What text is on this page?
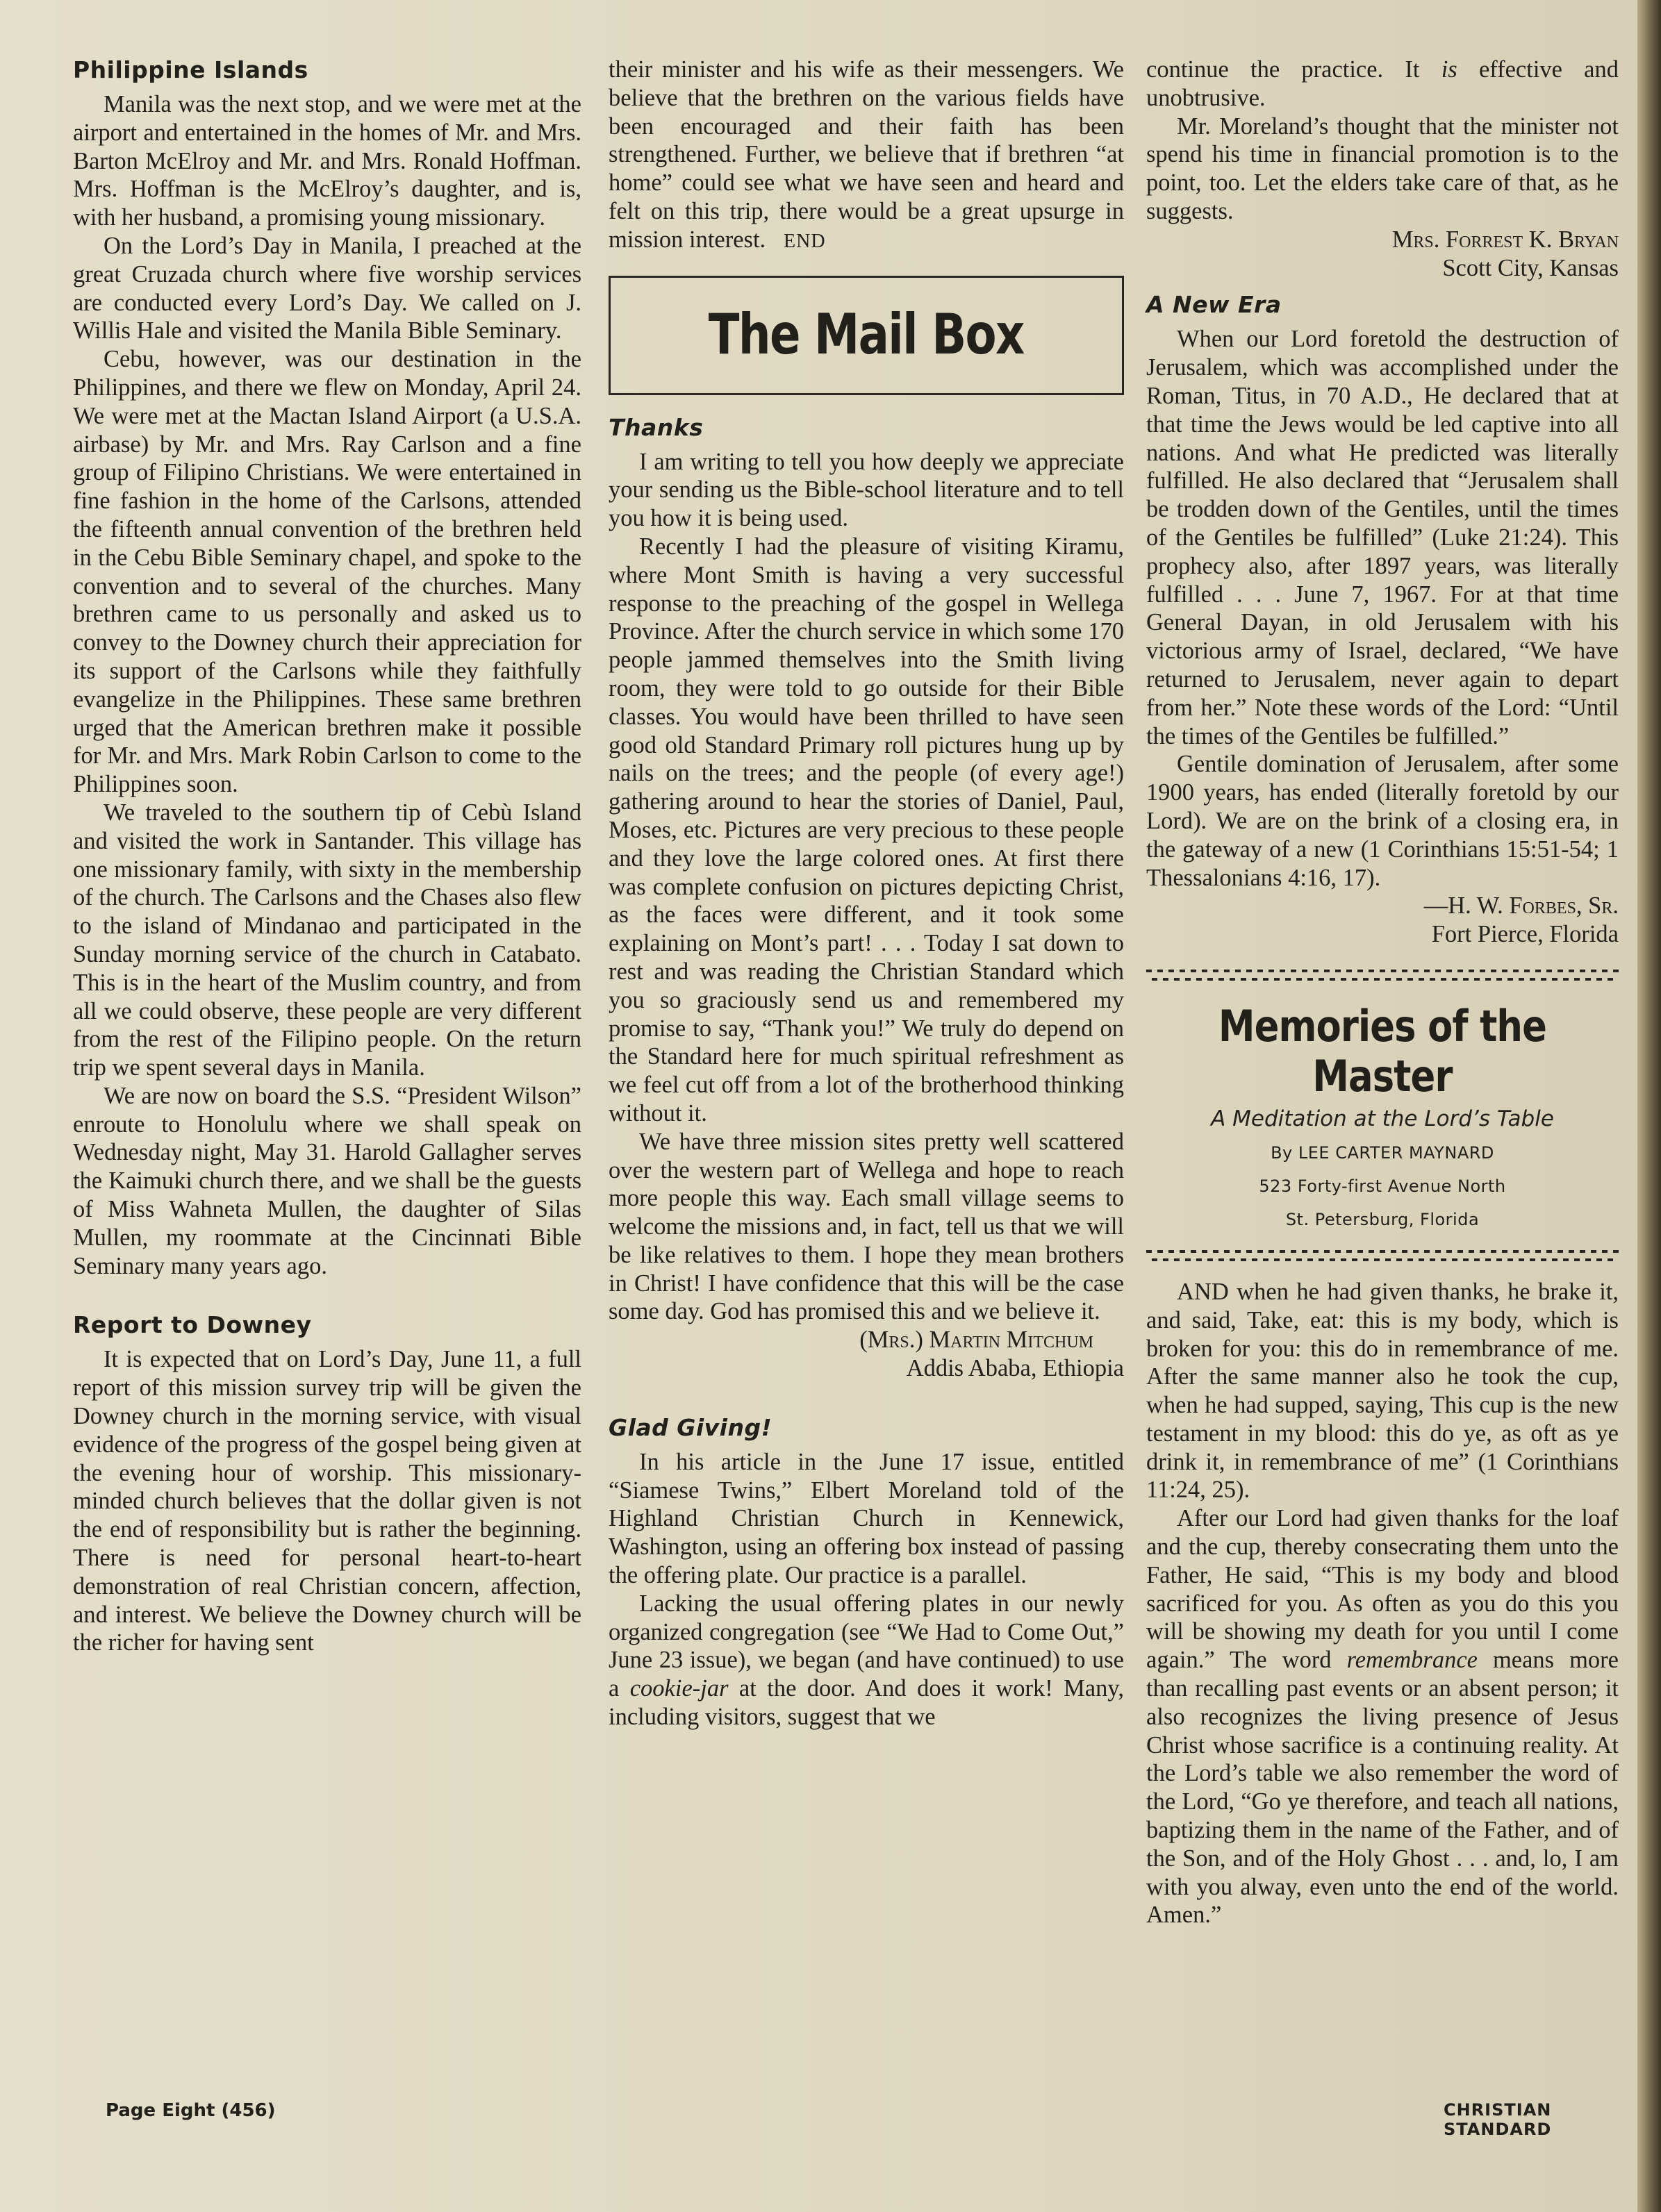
Philippine Islands

Manila was the next stop, and we were met at the airport and entertained in the homes of Mr. and Mrs. Barton McElroy and Mr. and Mrs. Ronald Hoffman. Mrs. Hoffman is the McElroy’s daughter, and is, with her husband, a promising young missionary.

On the Lord’s Day in Manila, I preached at the great Cruzada church where five worship services are conducted every Lord’s Day. We called on J. Willis Hale and visited the Manila Bible Seminary.

Cebu, however, was our destination in the Philippines, and there we flew on Monday, April 24. We were met at the Mactan Island Airport (a U.S.A. airbase) by Mr. and Mrs. Ray Carlson and a fine group of Filipino Christians. We were entertained in fine fashion in the home of the Carlsons, attended the fifteenth annual convention of the brethren held in the Cebu Bible Seminary chapel, and spoke to the convention and to several of the churches. Many brethren came to us personally and asked us to convey to the Downey church their appreciation for its support of the Carlsons while they faithfully evangelize in the Philippines. These same brethren urged that the American brethren make it possible for Mr. and Mrs. Mark Robin Carlson to come to the Philippines soon.

We traveled to the southern tip of Cebù Island and visited the work in Santander. This village has one missionary family, with sixty in the membership of the church. The Carlsons and the Chases also flew to the island of Mindanao and participated in the Sunday morning service of the church in Catabato. This is in the heart of the Muslim country, and from all we could observe, these people are very different from the rest of the Filipino people. On the return trip we spent several days in Manila.

We are now on board the S.S. “President Wilson” enroute to Honolulu where we shall speak on Wednesday night, May 31. Harold Gallagher serves the Kaimuki church there, and we shall be the guests of Miss Wahneta Mullen, the daughter of Silas Mullen, my roommate at the Cincinnati Bible Seminary many years ago.

Report to Downey

It is expected that on Lord’s Day, June 11, a full report of this mission survey trip will be given the Downey church in the morning service, with visual evidence of the progress of the gospel being given at the evening hour of worship. This missionary-minded church believes that the dollar given is not the end of responsibility but is rather the beginning. There is need for personal heart-to-heart demonstration of real Christian concern, affection, and interest. We believe the Downey church will be the richer for having sent

their minister and his wife as their messengers. We believe that the brethren on the various fields have been encouraged and their faith has been strengthened. Further, we believe that if brethren “at home” could see what we have seen and heard and felt on this trip, there would be a great upsurge in mission interest. END

The Mail Box
Thanks

I am writing to tell you how deeply we appreciate your sending us the Bible-school literature and to tell you how it is being used.

Recently I had the pleasure of visiting Kiramu, where Mont Smith is having a very successful response to the preaching of the gospel in Wellega Province. After the church service in which some 170 people jammed themselves into the Smith living room, they were told to go outside for their Bible classes. You would have been thrilled to have seen good old Standard Primary roll pictures hung up by nails on the trees; and the people (of every age!) gathering around to hear the stories of Daniel, Paul, Moses, etc. Pictures are very precious to these people and they love the large colored ones. At first there was complete confusion on pictures depicting Christ, as the faces were different, and it took some explaining on Mont’s part! . . . Today I sat down to rest and was reading the Christian Standard which you so graciously send us and remembered my promise to say, “Thank you!” We truly do depend on the Standard here for much spiritual refreshment as we feel cut off from a lot of the brotherhood thinking without it.

We have three mission sites pretty well scattered over the western part of Wellega and hope to reach more people this way. Each small village seems to welcome the missions and, in fact, tell us that we will be like relatives to them. I hope they mean brothers in Christ! I have confidence that this will be the case some day. God has promised this and we believe it.

(Mrs.) Martin Mitchum

Addis Ababa, Ethiopia

Glad Giving!

In his article in the June 17 issue, entitled “Siamese Twins,” Elbert Moreland told of the Highland Christian Church in Kennewick, Washington, using an offering box instead of passing the offering plate. Our practice is a parallel.

Lacking the usual offering plates in our newly organized congregation (see “We Had to Come Out,” June 23 issue), we began (and have continued) to use a cookie-jar at the door. And does it work! Many, including visitors, suggest that we

continue the practice. It is effective and unobtrusive.

Mr. Moreland’s thought that the minister not spend his time in financial promotion is to the point, too. Let the elders take care of that, as he suggests.

Mrs. Forrest K. Bryan

Scott City, Kansas

A New Era

When our Lord foretold the destruction of Jerusalem, which was accomplished under the Roman, Titus, in 70 A.D., He declared that at that time the Jews would be led captive into all nations. And what He predicted was literally fulfilled. He also declared that “Jerusalem shall be trodden down of the Gentiles, until the times of the Gentiles be fulfilled” (Luke 21:24). This prophecy also, after 1897 years, was literally fulfilled . . . June 7, 1967. For at that time General Dayan, in old Jerusalem with his victorious army of Israel, declared, “We have returned to Jerusalem, never again to depart from her.” Note these words of the Lord: “Until the times of the Gentiles be fulfilled.”

Gentile domination of Jerusalem, after some 1900 years, has ended (literally foretold by our Lord). We are on the brink of a closing era, in the gateway of a new (1 Corinthians 15:51-54; 1 Thessalonians 4:16, 17).

—H. W. Forbes, Sr.

Fort Pierce, Florida

Memories of the Master
A Meditation at the Lord’s Table
By LEE CARTER MAYNARD
523 Forty-first Avenue North
St. Petersburg, Florida

AND when he had given thanks, he brake it, and said, Take, eat: this is my body, which is broken for you: this do in remembrance of me. After the same manner also he took the cup, when he had supped, saying, This cup is the new testament in my blood: this do ye, as oft as ye drink it, in remembrance of me” (1 Corinthians 11:24, 25).

After our Lord had given thanks for the loaf and the cup, thereby consecrating them unto the Father, He said, “This is my body and blood sacrificed for you. As often as you do this you will be showing my death for you until I come again.” The word remembrance means more than recalling past events or an absent person; it also recognizes the living presence of Jesus Christ whose sacrifice is a continuing reality. At the Lord’s table we also remember the word of the Lord, “Go ye therefore, and teach all nations, baptizing them in the name of the Father, and of the Son, and of the Holy Ghost . . . and, lo, I am with you alway, even unto the end of the world. Amen.”

Page Eight (456)	CHRISTIAN STANDARD
